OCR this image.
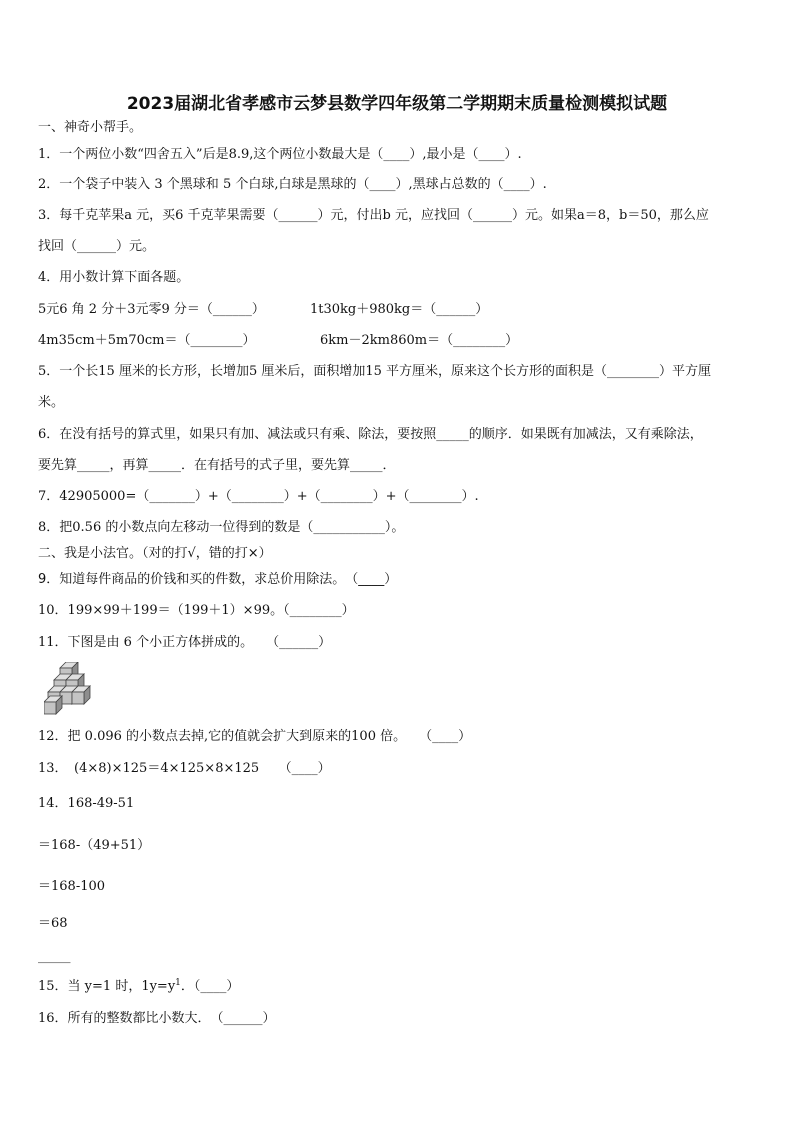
2023届湖北省孝感市云梦县数学四年级第二学期期末质量检测模拟试题
一、神奇小帮手。
1．一个两位小数“四舍五入”后是8.9,这个两位小数最大是（____）,最小是（____）.
2．一个袋子中装入 3 个黑球和 5 个白球,白球是黑球的（____）,黑球占总数的（____）.
3．每千克苹果a 元，买6 千克苹果需要（______）元，付出b 元，应找回（______）元。如果a＝8，b＝50，那么应
找回（______）元。
4．用小数计算下面各题。
5元6 角 2 分＋3元零9 分＝（______）	1t30kg＋980kg＝（______）
4m35cm＋5m70cm＝（________）	6km－2km860m＝（________）
5．一个长15 厘米的长方形，长增加5 厘米后，面积增加15 平方厘米，原来这个长方形的面积是（________）平方厘
米。
6．在没有括号的算式里，如果只有加、减法或只有乘、除法，要按照_____的顺序．如果既有加减法，又有乘除法，
要先算_____，再算_____．在有括号的式子里，要先算_____．
7．42905000=（_______）+（________）+（________）+（________）.
8．把0.56 的小数点向左移动一位得到的数是（___________）。
二、我是小法官。（对的打√，错的打×）
9．知道每件商品的价钱和买的件数，求总价用除法。　（____）
10．199×99＋199＝（199＋1）×99。（________）
11．下图是由 6 个小正方体拼成的。　　（______）
12．把 0.096 的小数点去掉,它的值就会扩大到原来的100 倍。　　（____）
13．　(4×8)×125＝4×125×8×125　　（____）
14．168-49-51
＝168-（49+51）
＝168-100
＝68
_____
15．当 y=1 时，$1y=y^1$．（____）
16．所有的整数都比小数大．　（______）
